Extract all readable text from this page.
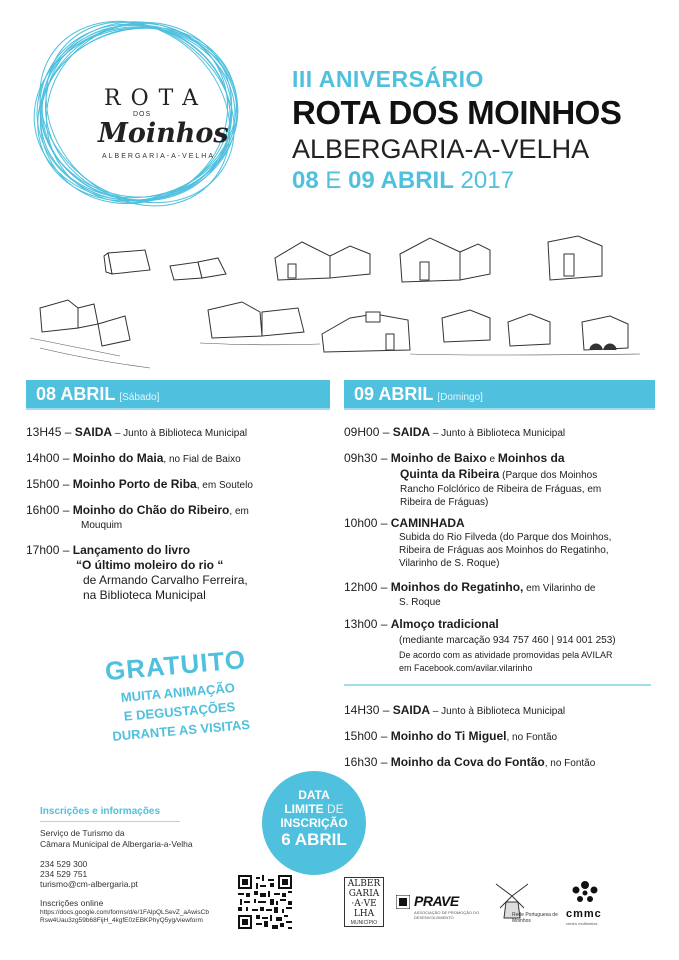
ROTA
DOS
Moinhos
ALBERGARIA-A-VELHA
III ANIVERSÁRIO
ROTA DOS MOINHOS
ALBERGARIA-A-VELHA
08 E 09 ABRIL 2017
08 ABRIL [Sábado]
13H45 – SAIDA – Junto à Biblioteca Municipal
14h00 – Moinho do Maia, no Fial de Baixo
15h00 – Moinho Porto de Riba, em Soutelo
16h00 – Moinho do Chão do Ribeiro, em
Mouquim
17h00 – Lançamento do livro
“O último moleiro do rio “
de Armando Carvalho Ferreira,
na Biblioteca Municipal
GRATUITO
MUITA ANIMAÇÃO
E DEGUSTAÇÕES
DURANTE AS VISITAS
09 ABRIL [Domingo]
09H00 – SAIDA – Junto à Biblioteca Municipal
09h30 – Moinho de Baixo e Moinhos da
Quinta da Ribeira (Parque dos Moinhos
Rancho Folclórico de Ribeira de Fráguas, em
Ribeira de Fráguas)
10h00 – CAMINHADA
Subida do Rio Filveda (do Parque dos Moinhos,
Ribeira de Fráguas aos Moinhos do Regatinho,
Vilarinho de S. Roque)
12h00 – Moinhos do Regatinho, em Vilarinho de
S. Roque
13h00 – Almoço tradicional
(mediante marcação 934 757 460 | 914 001 253)
De acordo com as atividade promovidas pela AVILAR
em Facebook.com/avilar.vilarinho
14H30 – SAIDA – Junto à Biblioteca Municipal
15h00 – Moinho do Ti Miguel, no Fontão
16h30 – Moinho da Cova do Fontão, no Fontão
DATA
LIMITE DE
INSCRIÇÃO
6 ABRIL
Inscrições e informações
Serviço de Turismo da
Câmara Municipal de Albergaria-a-Velha
234 529 300
234 529 751
turismo@cm-albergaria.pt
Inscrições online
https://docs.google.com/forms/d/e/1FAlpQLSevZ_aAwisCb
Rsw4Uau3zg59b68FijH_4kgfE0zEBKPhyQ5yg/viewform
ALBER
GARIA
·A·VE
LHA
MUNICÍPIO
PRAVE
ASSOCIAÇÃO DE PROMOÇÃO DO DESENVOLVIMENTO	Rede Portuguesa de Moinhos
cmmc
centro multimeios
